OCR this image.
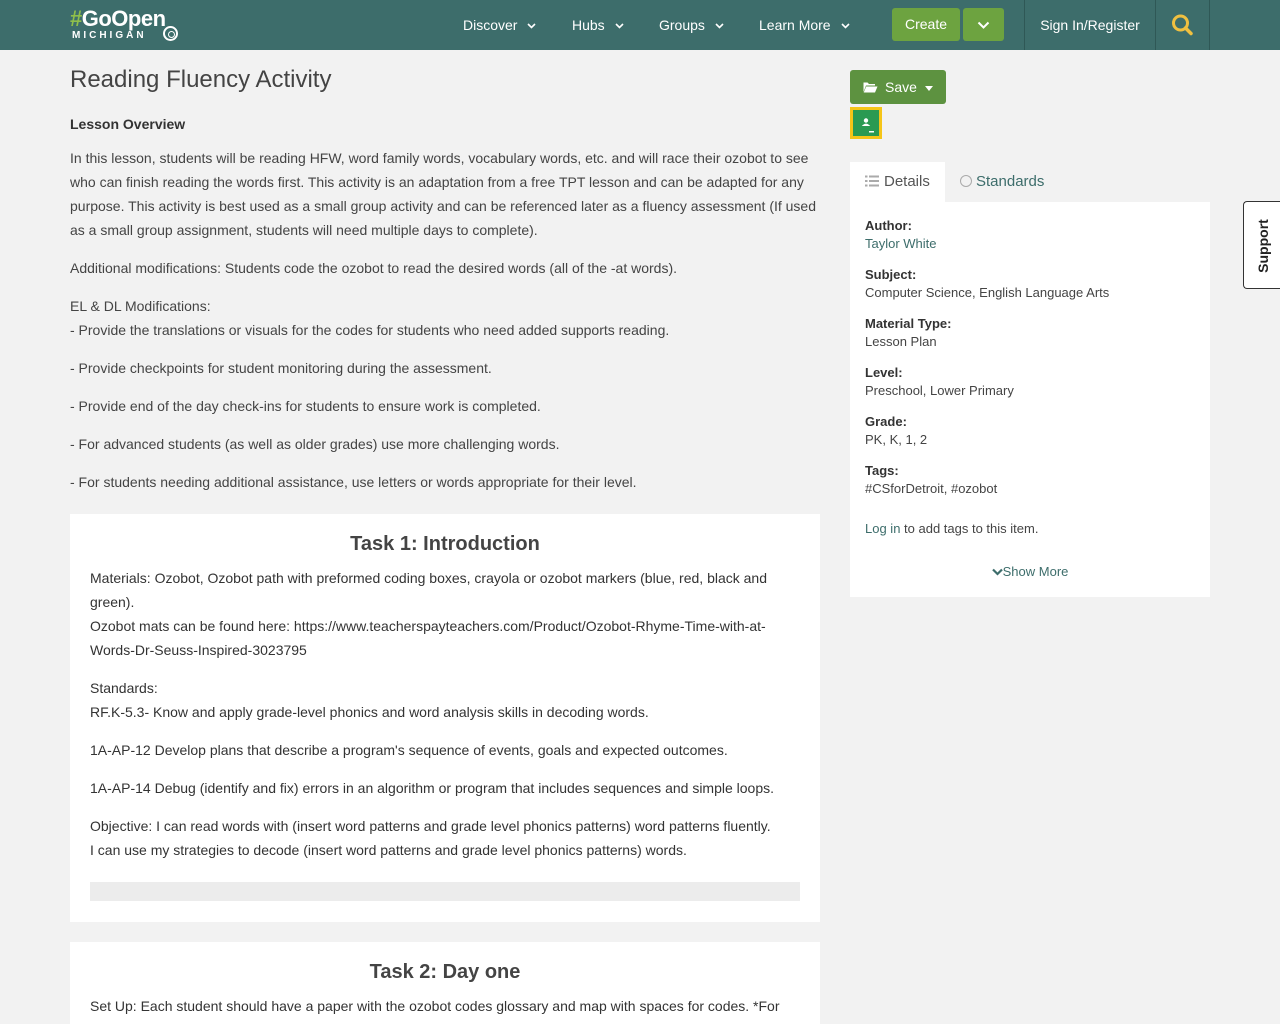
#GoOpen
MICHIGAN
Discover	Hubs	Groups	Learn More	Create	Sign In/Register
Reading Fluency Activity
Lesson Overview
In this lesson, students will be reading HFW, word family words, vocabulary words, etc. and will race their ozobot to see who can finish reading the words first. This activity is an adaptation from a free TPT lesson and can be adapted for any purpose. This activity is best used as a small group activity and can be referenced later as a fluency assessment (If used as a small group assignment, students will need multiple days to complete).
Additional modifications: Students code the ozobot to read the desired words (all of the -at words).
EL & DL Modifications:
- Provide the translations or visuals for the codes for students who need added supports reading.
- Provide checkpoints for student monitoring during the assessment.
- Provide end of the day check-ins for students to ensure work is completed.
- For advanced students (as well as older grades) use more challenging words.
- For students needing additional assistance, use letters or words appropriate for their level.
Task 1: Introduction
Materials: Ozobot, Ozobot path with preformed coding boxes, crayola or ozobot markers (blue, red, black and green).
Ozobot mats can be found here: https://www.teacherspayteachers.com/Product/Ozobot-Rhyme-Time-with-at-Words-Dr-Seuss-Inspired-3023795
Standards:
RF.K-5.3- Know and apply grade-level phonics and word analysis skills in decoding words.
1A-AP-12 Develop plans that describe a program's sequence of events, goals and expected outcomes.
1A-AP-14 Debug (identify and fix) errors in an algorithm or program that includes sequences and simple loops.
Objective: I can read words with (insert word patterns and grade level phonics patterns) word patterns fluently.
I can use my strategies to decode (insert word patterns and grade level phonics patterns) words.
Task 2: Day one
Set Up: Each student should have a paper with the ozobot codes glossary and map with spaces for codes. *For
Save
Details	Standards
Author:
Taylor White
Subject:
Computer Science, English Language Arts
Material Type:
Lesson Plan
Level:
Preschool, Lower Primary
Grade:
PK, K, 1, 2
Tags:
#CSforDetroit, #ozobot
Log in to add tags to this item.
Show More
Support
